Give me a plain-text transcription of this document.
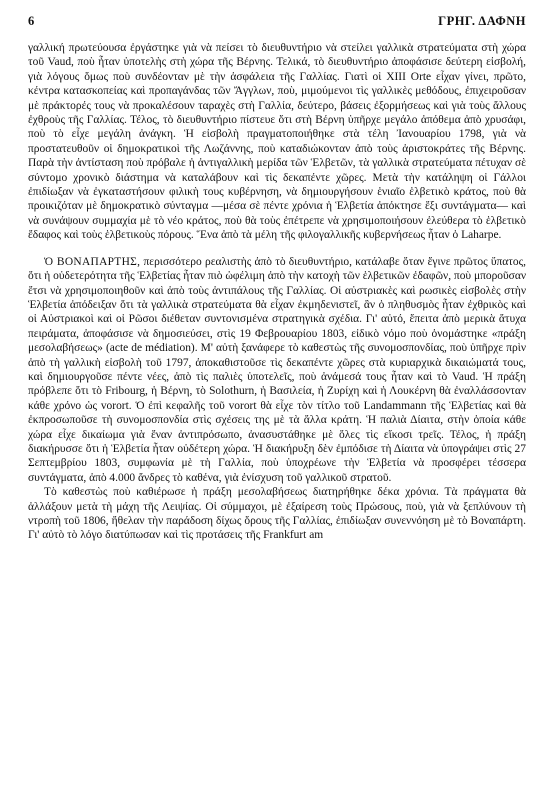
6	ΓΡΗΓ. ΔΑΦΝΗ

γαλλική πρωτεύουσα ἐργάστηκε γιὰ νὰ πείσει τὸ διευθυντήριο νὰ στείλει γαλλικὰ στρατεύματα στὴ χώρα τοῦ Vaud, ποὺ ἦταν ὑποτελὴς στὴ χώρα τῆς Βέρνης. Τελικά, τὸ διευθυντήριο ἀποφάσισε δεύτερη εἰσβολή, γιὰ λόγους ὅμως ποὺ συνδέονταν μὲ τὴν ἀσφάλεια τῆς Γαλλίας. Γιατὶ οἱ XIII Orte εἶχαν γίνει, πρῶτο, κέντρα κατασκοπείας καὶ προπαγάνδας τῶν Ἄγγλων, ποὺ, μιμούμενοι τὶς γαλλικὲς μεθόδους, ἐπιχειροῦσαν μὲ πράκτορές τους νὰ προκαλέσουν ταραχὲς στὴ Γαλλία, δεύτερο, βάσεις ἐξορμήσεως καὶ γιὰ τοὺς ἄλλους ἐχθροὺς τῆς Γαλλίας. Τέλος, τὸ διευθυντήριο πίστευε ὅτι στὴ Βέρνη ὑπῆρχε μεγάλο ἀπόθεμα ἀπὸ χρυσάφι, ποὺ τὸ εἶχε μεγάλη ἀνάγκη. Ἡ εἰσβολὴ πραγματοποιήθηκε στὰ τέλη Ἰανουαρίου 1798, γιὰ νὰ προστατευθοῦν οἱ δημοκρατικοὶ τῆς Λωζάννης, ποὺ καταδιώκονταν ἀπὸ τοὺς ἀριστοκράτες τῆς Βέρνης. Παρὰ τὴν ἀντίσταση ποὺ πρόβαλε ἡ ἀντιγαλλικὴ μερίδα τῶν Ἑλβετῶν, τὰ γαλλικὰ στρατεύματα πέτυχαν σὲ σύντομο χρονικὸ διάστημα νὰ καταλάβουν καὶ τὶς δεκαπέντε χῶρες. Μετὰ τὴν κατάληψη οἱ Γάλλοι ἐπιδίωξαν νὰ ἐγκαταστήσουν φιλικὴ τους κυβέρνηση, νὰ δημιουργήσουν ἑνιαῖο ἑλβετικὸ κράτος, ποὺ θὰ προικιζόταν μὲ δημοκρατικὸ σύνταγμα —μέσα σὲ πέντε χρόνια ἡ Ἑλβετία ἀπόκτησε ἕξι συντάγματα— καὶ νὰ συνάψουν συμμαχία μὲ τὸ νέο κράτος, ποὺ θὰ τοὺς ἐπέτρεπε νὰ χρησιμοποιήσουν ἐλεύθερα τὸ ἑλβετικὸ ἔδαφος καὶ τοὺς ἑλβετικοὺς πόρους. Ἕνα ἀπὸ τὰ μέλη τῆς φιλογαλλικῆς κυβερνήσεως ἦταν ὁ Laharpe.

Ὁ ΒΟΝΑΠΑΡΤΗΣ, περισσότερο ρεαλιστὴς ἀπὸ τὸ διευθυντήριο, κατάλαβε ὅταν ἔγινε πρῶτος ὕπατος, ὅτι ἡ οὐδετερότητα τῆς Ἑλβετίας ἦταν πιὸ ὠφέλιμη ἀπὸ τὴν κατοχὴ τῶν ἑλβετικῶν ἐδαφῶν, ποὺ μποροῦσαν ἔτσι νὰ χρησιμοποιηθοῦν καὶ ἀπὸ τοὺς ἀντιπάλους τῆς Γαλλίας. Οἱ αὐστριακὲς καὶ ρωσικὲς εἰσβολὲς στὴν Ἑλβετία ἀπόδειξαν ὅτι τὰ γαλλικὰ στρατεύματα θὰ εἶχαν ἐκμηδενιστεῖ, ἂν ὁ πληθυσμὸς ἦταν ἐχθρικὸς καὶ οἱ Αὐστριακοὶ καὶ οἱ Ρῶσοι διέθεταν συντονισμένα στρατηγικὰ σχέδια. Γι' αὐτό, ἔπειτα ἀπὸ μερικὰ ἄτυχα πειράματα, ἀποφάσισε νὰ δημοσιεύσει, στὶς 19 Φεβρουαρίου 1803, εἰδικὸ νόμο ποὺ ὀνομάστηκε «πράξη μεσολαβήσεως» (acte de médiation). Μ' αὐτὴ ξανάφερε τὸ καθεστὼς τῆς συνομοσπονδίας, ποὺ ὑπῆρχε πρὶν ἀπὸ τὴ γαλλικὴ εἰσβολὴ τοῦ 1797, ἀποκαθιστοῦσε τὶς δεκαπέντε χῶρες στὰ κυριαρχικὰ δικαιώματά τους, καὶ δημιουργοῦσε πέντε νέες, ἀπὸ τὶς παλιὲς ὑποτελεῖς, ποὺ ἀνάμεσά τους ἦταν καὶ τὸ Vaud. Ἡ πράξη πρόβλεπε ὅτι τὸ Fribourg, ἡ Βέρνη, τὸ Solothurn, ἡ Βασιλεία, ἡ Ζυρίχη καὶ ἡ Λουκέρνη θὰ ἐναλλάσσονταν κάθε χρόνο ὡς vorort. Ὁ ἐπὶ κεφαλῆς τοῦ vorort θὰ εἶχε τὸν τίτλο τοῦ Landammann τῆς Ἑλβετίας καὶ θὰ ἐκπροσωποῦσε τὴ συνομοσπονδία στὶς σχέσεις της μὲ τὰ ἄλλα κράτη. Ἡ παλιὰ Δίαιτα, στὴν ὁποία κάθε χώρα εἶχε δικαίωμα γιὰ ἕναν ἀντιπρόσωπο, ἀνασυστάθηκε μὲ ὅλες τὶς εἴκοσι τρεῖς. Τέλος, ἡ πράξη διακήρυσσε ὅτι ἡ Ἑλβετία ἦταν οὐδέτερη χώρα. Ἡ διακήρυξη δὲν ἐμπόδισε τὴ Δίαιτα νὰ ὑπογράψει στὶς 27 Σεπτεμβρίου 1803, συμφωνία μὲ τὴ Γαλλία, ποὺ ὑποχρέωνε τὴν Ἑλβετία νὰ προσφέρει τέσσερα συντάγματα, ἀπὸ 4.000 ἄνδρες τὸ καθένα, γιὰ ἐνίσχυση τοῦ γαλλικοῦ στρατοῦ.

Τὸ καθεστὼς ποὺ καθιέρωσε ἡ πράξη μεσολαβήσεως διατηρήθηκε δέκα χρόνια. Τὰ πράγματα θὰ ἀλλάξουν μετὰ τὴ μάχη τῆς Λειψίας. Οἱ σύμμαχοι, μὲ ἐξαίρεση τοὺς Πρώσους, ποὺ, γιὰ νὰ ξεπλύνουν τὴ ντροπὴ τοῦ 1806, ἤθελαν τὴν παράδοση δίχως ὅρους τῆς Γαλλίας, ἐπιδίωξαν συνεννόηση μὲ τὸ Βοναπάρτη. Γι' αὐτὸ τὸ λόγο διατύπωσαν καὶ τὶς προτάσεις τῆς Frankfurt am
